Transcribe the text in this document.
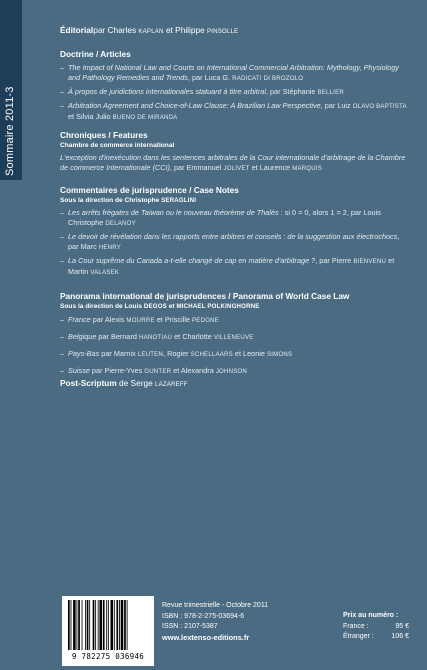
Sommaire 2011-3
Éditorialpar Charles KAPLAN et Philippe PINSOLLE
Doctrine / Articles
– The Impact of National Law and Courts on International Commercial Arbitration: Mythology, Physiology and Pathology Remedies and Trends, par Luca G. RADICATI DI BROZOLO
– À propos de juridictions internationales statuant à titre arbitral, par Stéphanie BELLIER
– Arbitration Agreement and Choice-of-Law Clause: A Brazilian Law Perspective, par Luiz OLAVO BAPTISTA et Silvia Julio BUENO DE MIRANDA
Chroniques / Features
Chambre de commerce international
L'exception d'inexécution dans les sentences arbitrales de la Cour internationale d'arbitrage de la Chambre de commerce Internationale (CCI), par Emmanuel JOLIVET et Laurence MARQUIS
Commentaires de jurisprudence / Case Notes
Sous la direction de Christophe SERAGLINI
– Les arrêts frégates de Taiwan ou le nouveau théorème de Thalès : si 0 = 0, alors 1 = 2, par Louis Christophe DELANOY
– Le devoir de révélation dans les rapports entre arbitres et conseils : de la suggestion aux électrochocs, par Marc HENRY
– La Cour suprême du Canada a-t-elle changé de cap en matière d'arbitrage ?, par Pierre BIENVENU et Martin VALASEK
Panorama international de jurisprudences / Panorama of World Case Law
Sous la direction de Louis DEGOS et MICHAEL POLKINGHORNE
– France par Alexis MOURRE et Priscille PEDONE
– Belgique par Bernard HANOTIAU et Charlotte VILLENEUVE
– Pays-Bas par Marnix LEUTEN, Rogier SCHELLAARS et Leonie SIMONS
– Suisse par Pierre-Yves GUNTER et Alexandra JOHNSON
Post-Scriptum de Serge LAZAREFF
9 782275 036946
Revue trimestrielle - Octobre 2011
ISBN : 978-2-275-03694-6
ISSN : 2107-5387
www.lextenso-editions.fr
Prix au numéro :
France :	95 €
Étranger :	106 €
